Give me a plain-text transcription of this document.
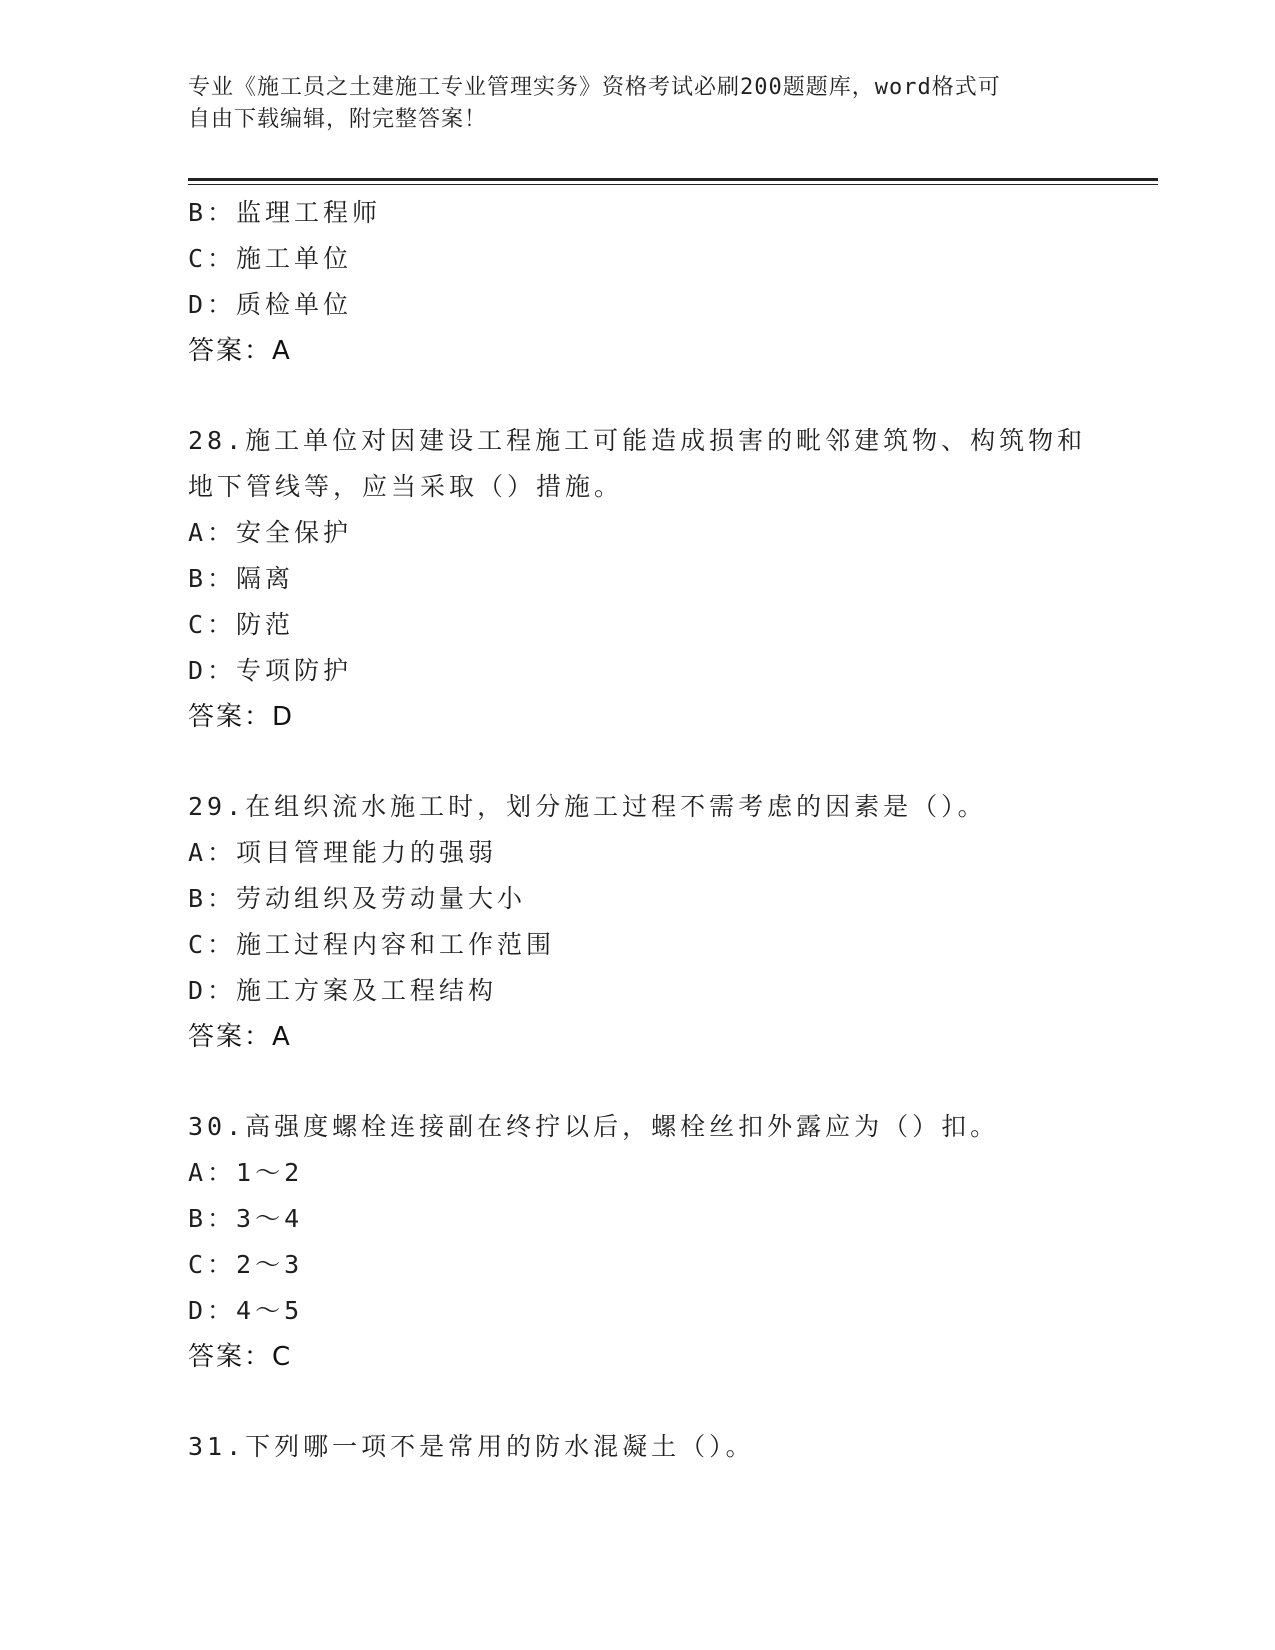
专业《施工员之土建施工专业管理实务》资格考试必刷200题题库，word格式可
自由下载编辑，附完整答案！
B：监理工程师
C：施工单位
D：质检单位
答案：A
28.施工单位对因建设工程施工可能造成损害的毗邻建筑物、构筑物和
地下管线等，应当采取（）措施。
A：安全保护
B：隔离
C：防范
D：专项防护
答案：D
29.在组织流水施工时，划分施工过程不需考虑的因素是（）。
A：项目管理能力的强弱
B：劳动组织及劳动量大小
C：施工过程内容和工作范围
D：施工方案及工程结构
答案：A
30.高强度螺栓连接副在终拧以后，螺栓丝扣外露应为（）扣。
A：1～2
B：3～4
C：2～3
D：4～5
答案：C
31.下列哪一项不是常用的防水混凝土（）。
